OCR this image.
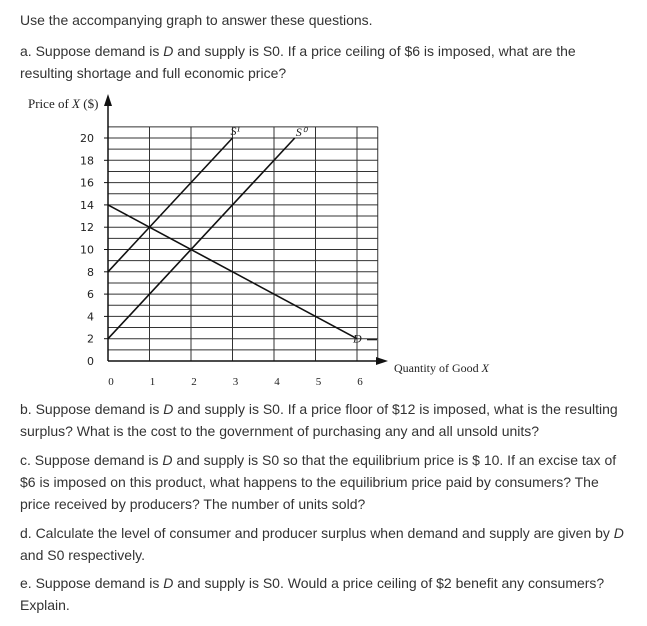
Use the accompanying graph to answer these questions.

a. Suppose demand is D and supply is S0. If a price ceiling of $6 is imposed, what are the resulting shortage and full economic price?

0
2
4
6
8
10
12
14
16
18
20
0	1	2	3	4	5	6
S¹	S⁰
D
Price of X ($)
Quantity of Good X

b. Suppose demand is D and supply is S0. If a price floor of $12 is imposed, what is the resulting surplus? What is the cost to the government of purchasing any and all unsold units?

c. Suppose demand is D and supply is S0 so that the equilibrium price is $ 10. If an excise tax of $6 is imposed on this product, what happens to the equilibrium price paid by consumers? The price received by producers? The number of units sold?

d. Calculate the level of consumer and producer surplus when demand and supply are given by D and S0 respectively.

e. Suppose demand is D and supply is S0. Would a price ceiling of $2 benefit any consumers? Explain.
